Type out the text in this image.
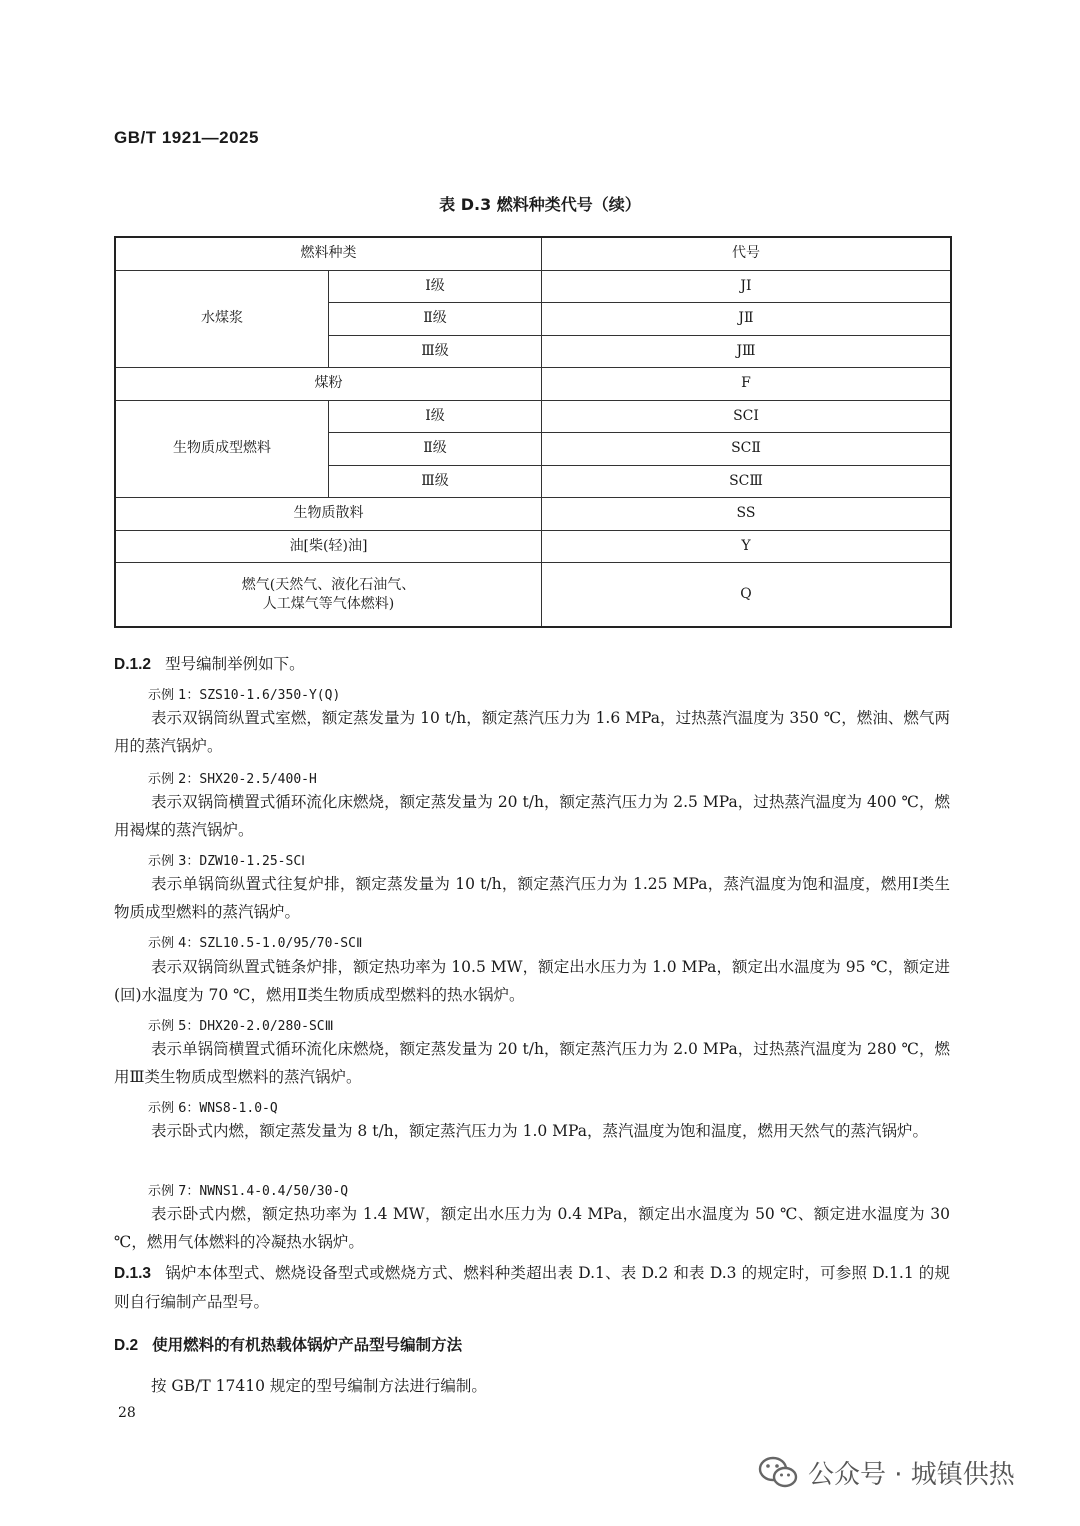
GB/T 1921—2025
表 D.3 燃料种类代号（续）
燃料种类		代号
水煤浆	Ⅰ级	JⅠ
	Ⅱ级	JⅡ
	Ⅲ级	JⅢ
煤粉		F
生物质成型燃料	Ⅰ级	SCⅠ
	Ⅱ级	SCⅡ
	Ⅲ级	SCⅢ
生物质散料		SS
油[柴(轻)油]		Y

燃气(天然气、液化石油气、
人工煤气等气体燃料)		Q
D.1.2 型号编制举例如下。
示例 1：SZS10-1.6/350-Y(Q)
表示双锅筒纵置式室燃，额定蒸发量为 10 t/h，额定蒸汽压力为 1.6 MPa，过热蒸汽温度为 350 ℃，燃油、燃气两用的蒸汽锅炉。
示例 2：SHX20-2.5/400-H
表示双锅筒横置式循环流化床燃烧，额定蒸发量为 20 t/h，额定蒸汽压力为 2.5 MPa，过热蒸汽温度为 400 ℃，燃用褐煤的蒸汽锅炉。
示例 3：DZW10-1.25-SCⅠ
表示单锅筒纵置式往复炉排，额定蒸发量为 10 t/h，额定蒸汽压力为 1.25 MPa，蒸汽温度为饱和温度，燃用Ⅰ类生物质成型燃料的蒸汽锅炉。
示例 4：SZL10.5-1.0/95/70-SCⅡ
表示双锅筒纵置式链条炉排，额定热功率为 10.5 MW，额定出水压力为 1.0 MPa，额定出水温度为 95 ℃，额定进(回)水温度为 70 ℃，燃用Ⅱ类生物质成型燃料的热水锅炉。
示例 5：DHX20-2.0/280-SCⅢ
表示单锅筒横置式循环流化床燃烧，额定蒸发量为 20 t/h，额定蒸汽压力为 2.0 MPa，过热蒸汽温度为 280 ℃，燃用Ⅲ类生物质成型燃料的蒸汽锅炉。
示例 6：WNS8-1.0-Q
表示卧式内燃，额定蒸发量为 8 t/h，额定蒸汽压力为 1.0 MPa，蒸汽温度为饱和温度，燃用天然气的蒸汽锅炉。
示例 7：NWNS1.4-0.4/50/30-Q
表示卧式内燃，额定热功率为 1.4 MW，额定出水压力为 0.4 MPa，额定出水温度为 50 ℃、额定进水温度为 30 ℃，燃用气体燃料的冷凝热水锅炉。
D.1.3 锅炉本体型式、燃烧设备型式或燃烧方式、燃料种类超出表 D.1、表 D.2 和表 D.3 的规定时，可参照 D.1.1 的规则自行编制产品型号。
D.2 使用燃料的有机热载体锅炉产品型号编制方法
按 GB/T 17410 规定的型号编制方法进行编制。
28
公众号 · 城镇供热
